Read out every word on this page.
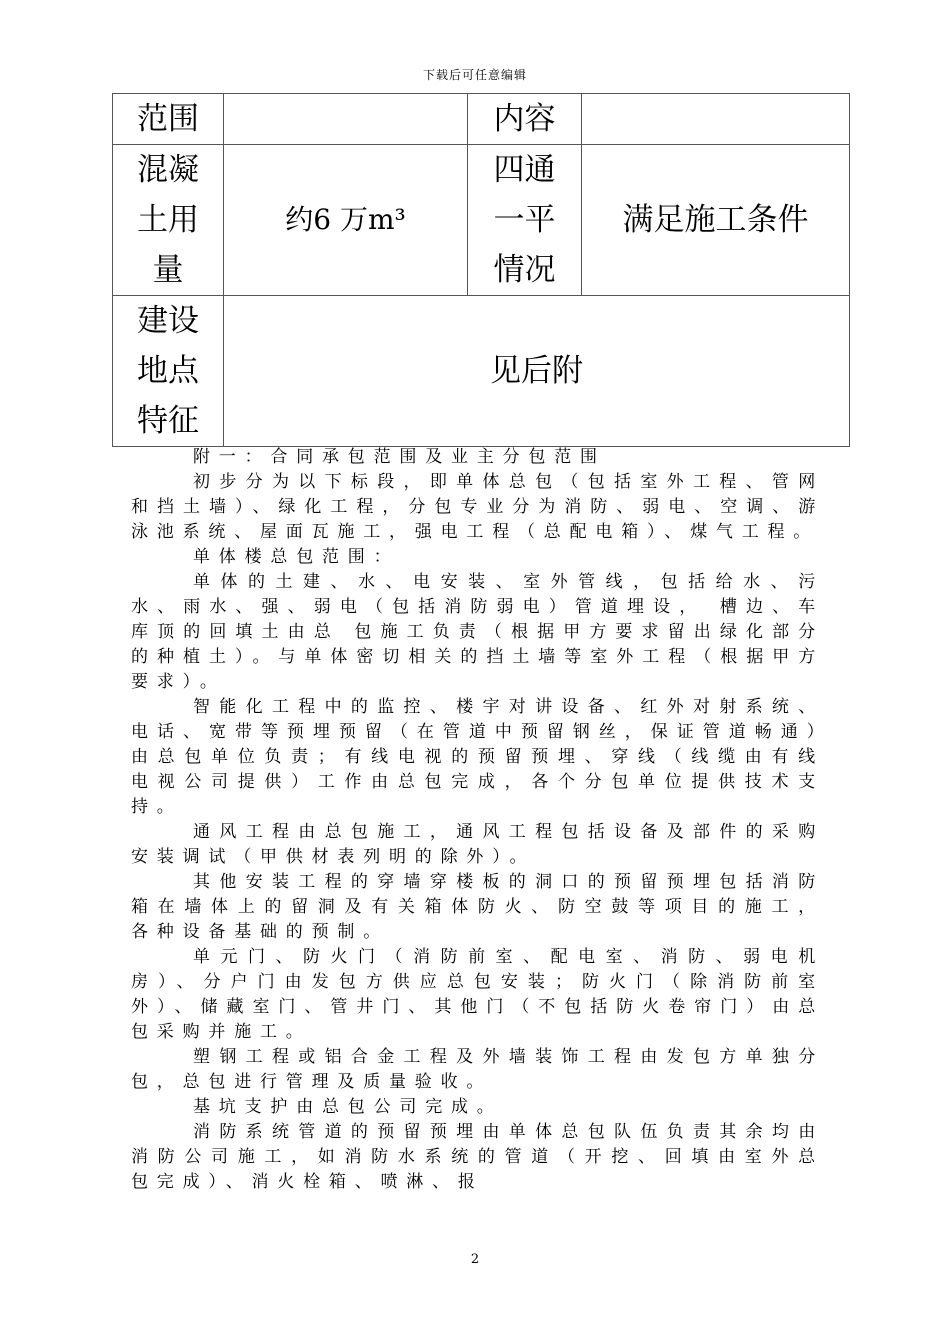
下载后可任意编辑
范围		内容	

混凝
土用
量	约6 万m³	四通
一平
情况	满足施工条件

建设
地点
特征	见后附		

附一：合同承包范围及业主分包范围

初步分为以下标段，即单体总包（包括室外工程、管网和挡土墙）、绿化工程，分包专业分为消防、弱电、空调、游泳池系统、屋面瓦施工，强电工程（总配电箱）、煤气工程。

单体楼总包范围：

单体的土建、水、电安装、室外管线，包括给水、污水、雨水、强、弱电（包括消防弱电）管道埋设， 槽边、车库顶的回填土由总 包施工负责（根据甲方要求留出绿化部分的种植土）。与单体密切相关的挡土墙等室外工程（根据甲方要求）。

智能化工程中的监控、楼宇对讲设备、红外对射系统、电话、宽带等预埋预留（在管道中预留钢丝，保证管道畅通）由总包单位负责；有线电视的预留预埋、穿线（线缆由有线电视公司提供）工作由总包完成，各个分包单位提供技术支持。

通风工程由总包施工，通风工程包括设备及部件的采购安装调试（甲供材表列明的除外）。

其他安装工程的穿墙穿楼板的洞口的预留预埋包括消防箱在墙体上的留洞及有关箱体防火、防空鼓等项目的施工，各种设备基础的预制。

单元门、防火门（消防前室、配电室、消防、弱电机房）、分户门由发包方供应总包安装；防火门（除消防前室外）、储藏室门、管井门、其他门（不包括防火卷帘门）由总包采购并施工。

塑钢工程或铝合金工程及外墙装饰工程由发包方单独分包，总包进行管理及质量验收。

基坑支护由总包公司完成。

消防系统管道的预留预埋由单体总包队伍负责其余均由消防公司施工，如消防水系统的管道（开挖、回填由室外总包完成）、消火栓箱、喷淋、报

2
